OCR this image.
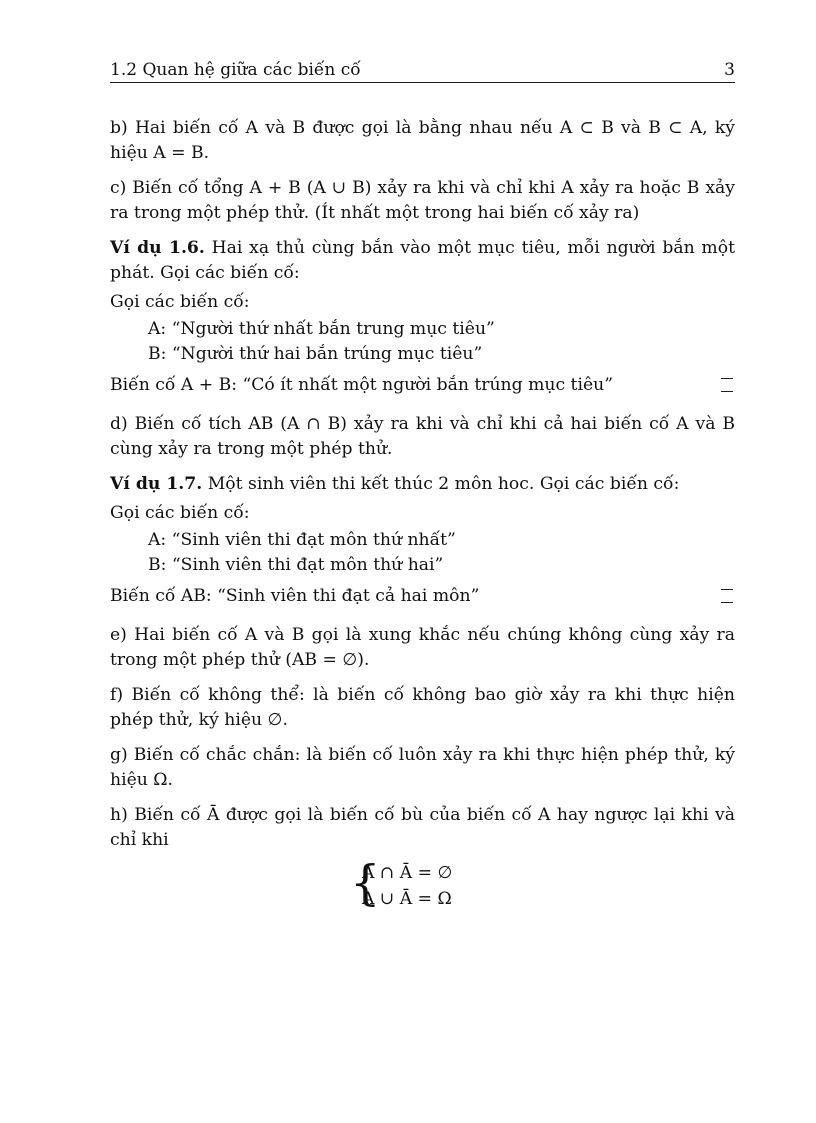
1.2 Quan hệ giữa các biến cố	3

b) Hai biến cố A và B được gọi là bằng nhau nếu A ⊂ B và B ⊂ A, ký hiệu A = B.

c) Biến cố tổng A + B (A ∪ B) xảy ra khi và chỉ khi A xảy ra hoặc B xảy ra trong một phép thử. (Ít nhất một trong hai biến cố xảy ra)

Ví dụ 1.6. Hai xạ thủ cùng bắn vào một mục tiêu, mỗi người bắn một phát. Gọi các biến cố:

Gọi các biến cố:

A: “Người thứ nhất bắn trung mục tiêu”

B: “Người thứ hai bắn trúng mục tiêu”

Biến cố A + B: “Có ít nhất một người bắn trúng mục tiêu”

d) Biến cố tích AB (A ∩ B) xảy ra khi và chỉ khi cả hai biến cố A và B cùng xảy ra trong một phép thử.

Ví dụ 1.7. Một sinh viên thi kết thúc 2 môn hoc. Gọi các biến cố:

Gọi các biến cố:

A: “Sinh viên thi đạt môn thứ nhất”

B: “Sinh viên thi đạt môn thứ hai”

Biến cố AB: “Sinh viên thi đạt cả hai môn”

e) Hai biến cố A và B gọi là xung khắc nếu chúng không cùng xảy ra trong một phép thử (AB = ∅).

f) Biến cố không thể: là biến cố không bao giờ xảy ra khi thực hiện phép thử, ký hiệu ∅.

g) Biến cố chắc chắn: là biến cố luôn xảy ra khi thực hiện phép thử, ký hiệu Ω.

h) Biến cố Ā được gọi là biến cố bù của biến cố A hay ngược lại khi và chỉ khi

{
A ∩ Ā = ∅
A ∪ Ā = Ω
